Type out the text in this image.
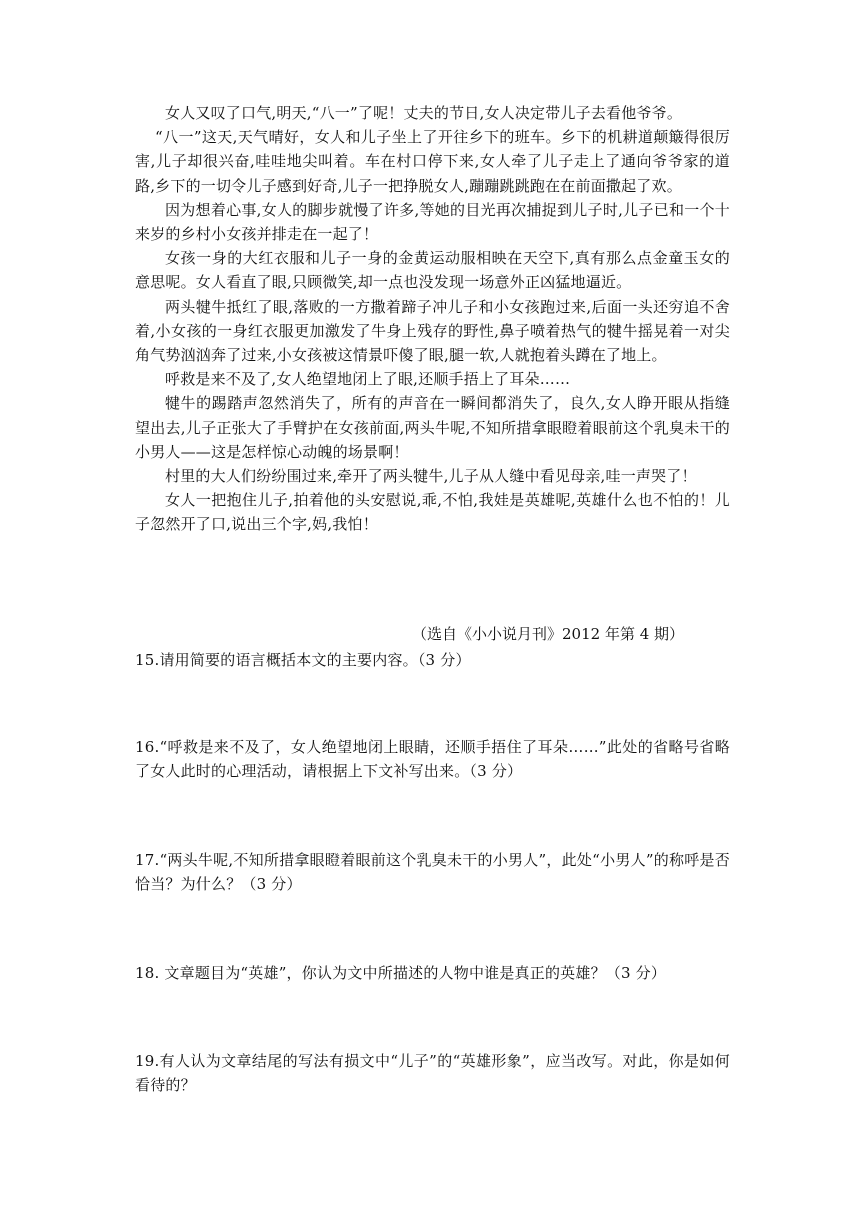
女人又叹了口气,明天,“八一”了呢！丈夫的节日,女人决定带儿子去看他爷爷。

“八一”这天,天气晴好，女人和儿子坐上了开往乡下的班车。乡下的机耕道颠簸得很厉害,儿子却很兴奋,哇哇地尖叫着。车在村口停下来,女人牵了儿子走上了通向爷爷家的道路,乡下的一切令儿子感到好奇,儿子一把挣脱女人,蹦蹦跳跳跑在在前面撒起了欢。

因为想着心事,女人的脚步就慢了许多,等她的目光再次捕捉到儿子时,儿子已和一个十来岁的乡村小女孩并排走在一起了！

女孩一身的大红衣服和儿子一身的金黄运动服相映在天空下,真有那么点金童玉女的意思呢。女人看直了眼,只顾微笑,却一点也没发现一场意外正凶猛地逼近。

两头犍牛抵红了眼,落败的一方撒着蹄子冲儿子和小女孩跑过来,后面一头还穷追不舍着,小女孩的一身红衣服更加激发了牛身上残存的野性,鼻子喷着热气的犍牛摇晃着一对尖角气势汹汹奔了过来,小女孩被这情景吓傻了眼,腿一软,人就抱着头蹲在了地上。

呼救是来不及了,女人绝望地闭上了眼,还顺手捂上了耳朵……

犍牛的踢踏声忽然消失了，所有的声音在一瞬间都消失了，良久,女人睁开眼从指缝望出去,儿子正张大了手臂护在女孩前面,两头牛呢,不知所措拿眼瞪着眼前这个乳臭未干的小男人——这是怎样惊心动魄的场景啊！

村里的大人们纷纷围过来,牵开了两头犍牛,儿子从人缝中看见母亲,哇一声哭了！

女人一把抱住儿子,拍着他的头安慰说,乖,不怕,我娃是英雄呢,英雄什么也不怕的！儿子忽然开了口,说出三个字,妈,我怕！

（选自《小小说月刊》2012 年第 4 期）
15.请用简要的语言概括本文的主要内容。（3 分）
16.“呼救是来不及了，女人绝望地闭上眼睛，还顺手捂住了耳朵……”此处的省略号省略了女人此时的心理活动，请根据上下文补写出来。（3 分）
17.“两头牛呢,不知所措拿眼瞪着眼前这个乳臭未干的小男人”，此处“小男人”的称呼是否恰当？为什么？（3 分）
18. 文章题目为“英雄”，你认为文中所描述的人物中谁是真正的英雄？（3 分）
19.有人认为文章结尾的写法有损文中“儿子”的“英雄形象”，应当改写。对此，你是如何看待的？
